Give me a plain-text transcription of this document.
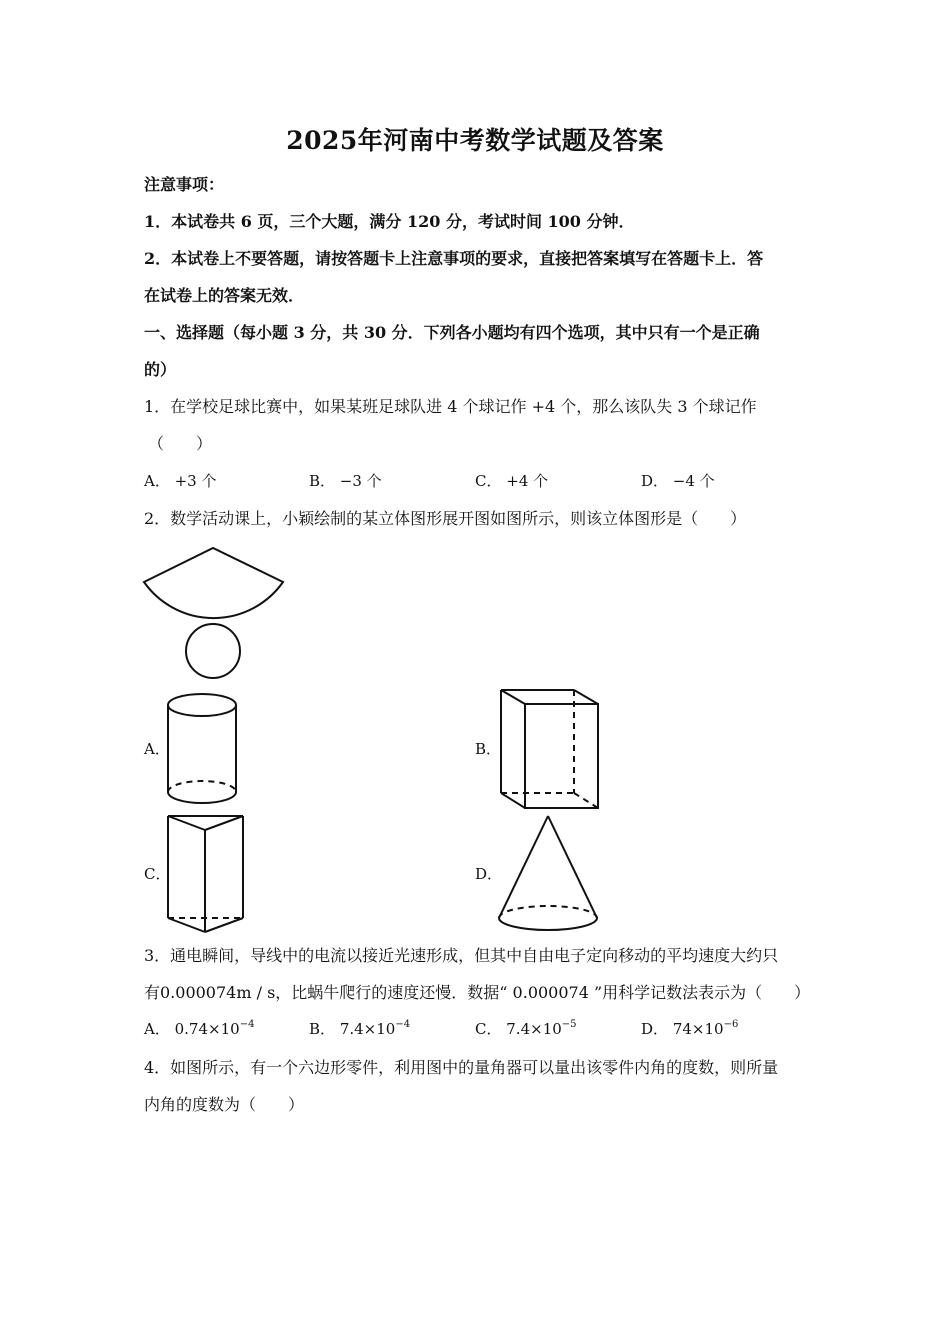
2025年河南中考数学试题及答案
注意事项：
1．本试卷共 6 页，三个大题，满分 120 分，考试时间 100 分钟．
2．本试卷上不要答题，请按答题卡上注意事项的要求，直接把答案填写在答题卡上．答
在试卷上的答案无效．
一、选择题（每小题 3 分，共 30 分．下列各小题均有四个选项，其中只有一个是正确
的）
1．在学校足球比赛中，如果某班足球队进 4 个球记作 +4 个，那么该队失 3 个球记作
（　　）
A． +3 个	B． −3 个	C． +4 个	D． −4 个
2．数学活动课上，小颖绘制的某立体图形展开图如图所示，则该立体图形是（　　）
A．	B．
C．	D．
3．通电瞬间，导线中的电流以接近光速形成，但其中自由电子定向移动的平均速度大约只
有0.000074m / s，比蜗牛爬行的速度还慢．数据“ 0.000074 ”用科学记数法表示为（　　）
A． $0.74\times 10^{-4}$	B． $7.4\times 10^{-4}$	C． $7.4\times 10^{-5}$	D． $74\times 10^{-6}$
4．如图所示，有一个六边形零件，利用图中的量角器可以量出该零件内角的度数，则所量
内角的度数为（　　）
